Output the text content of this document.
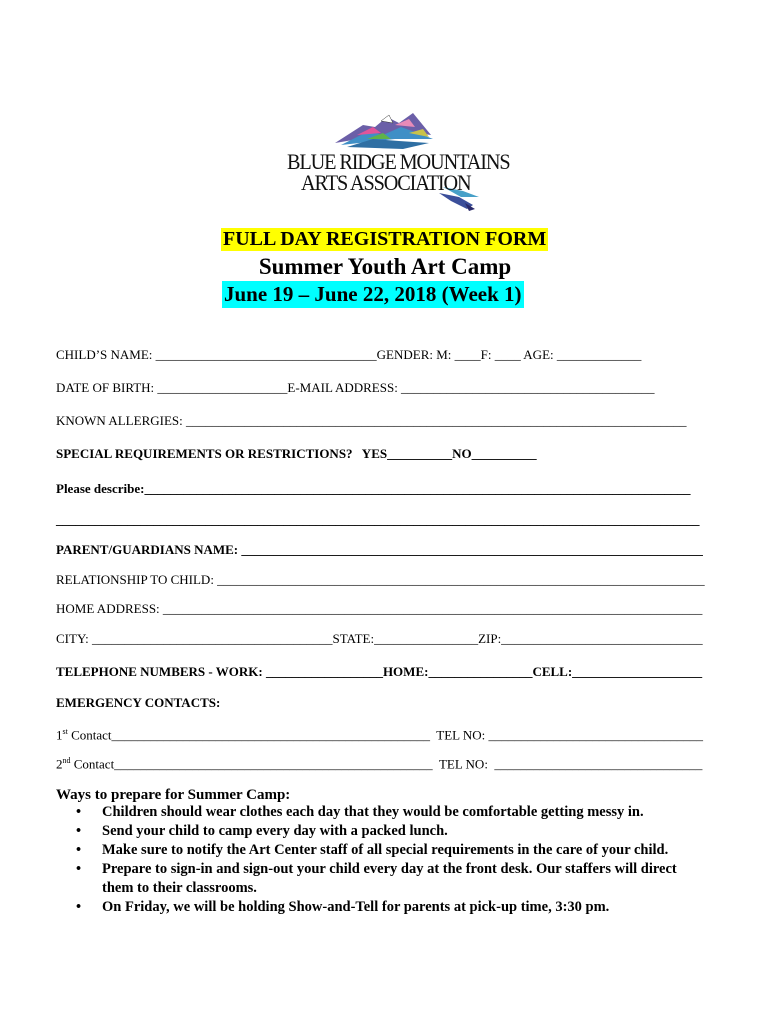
BLUE RIDGE MOUNTAINS
ARTS ASSOCIATION
FULL DAY REGISTRATION FORM
Summer Youth Art Camp
June 19 – June 22, 2018 (Week 1)
CHILD’S NAME: __________________________________GENDER: M: ____F: ____ AGE: _____________
DATE OF BIRTH: ____________________E-MAIL ADDRESS: _______________________________________
KNOWN ALLERGIES: _____________________________________________________________________________
SPECIAL REQUIREMENTS OR RESTRICTIONS?   YES__________NO__________
Please describe:____________________________________________________________________________________
___________________________________________________________________________________________________
PARENT/GUARDIANS NAME: _______________________________________________________________________
RELATIONSHIP TO CHILD: ___________________________________________________________________________
HOME ADDRESS: ___________________________________________________________________________________
CITY: _____________________________________STATE:________________ZIP:_______________________________
TELEPHONE NUMBERS - WORK: __________________HOME:________________CELL:____________________
EMERGENCY CONTACTS:
1st Contact_________________________________________________  TEL NO: _________________________________
2nd Contact_________________________________________________  TEL NO:  ________________________________
Ways to prepare for Summer Camp:
• Children should wear clothes each day that they would be comfortable getting messy in.
• Send your child to camp every day with a packed lunch.
• Make sure to notify the Art Center staff of all special requirements in the care of your child.
• Prepare to sign-in and sign-out your child every day at the front desk. Our staffers will direct
them to their classrooms.
• On Friday, we will be holding Show-and-Tell for parents at pick-up time, 3:30 pm.
